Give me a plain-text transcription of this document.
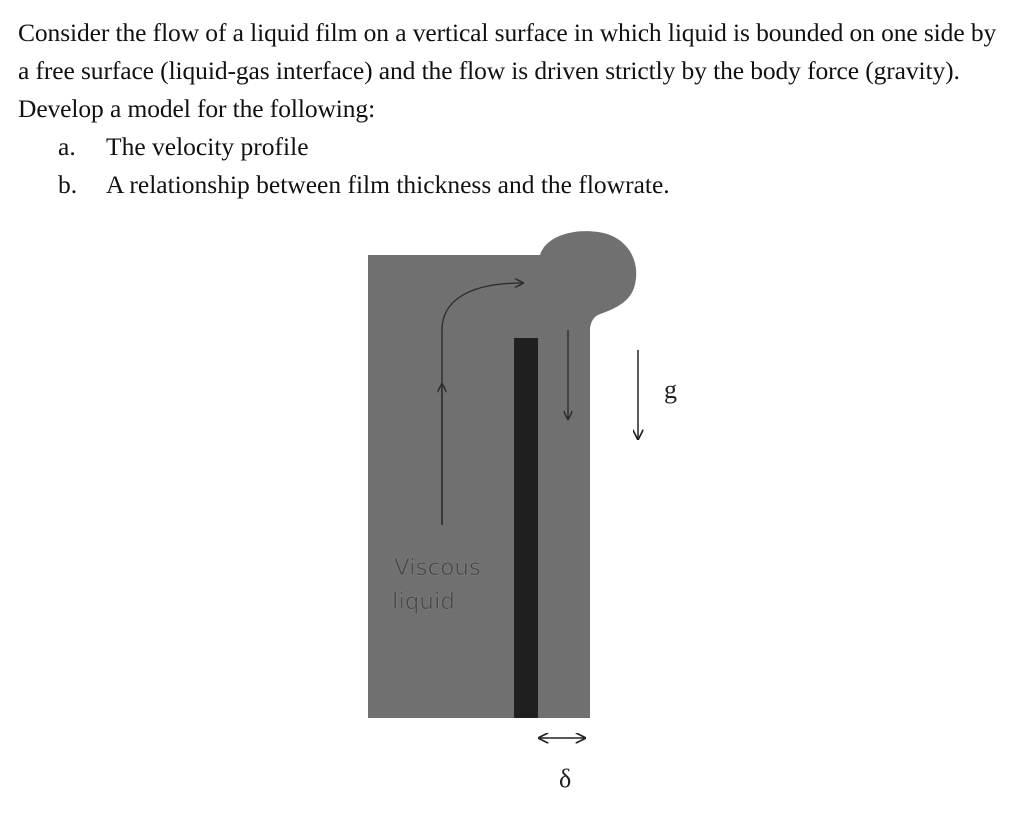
Consider the flow of a liquid film on a vertical surface in which liquid is bounded on one side by a free surface (liquid-gas interface) and the flow is driven strictly by the body force (gravity). Develop a model for the following:

a.	The velocity profile
b.	A relationship between film thickness and the flowrate.
g
Viscous
liquid
δ
